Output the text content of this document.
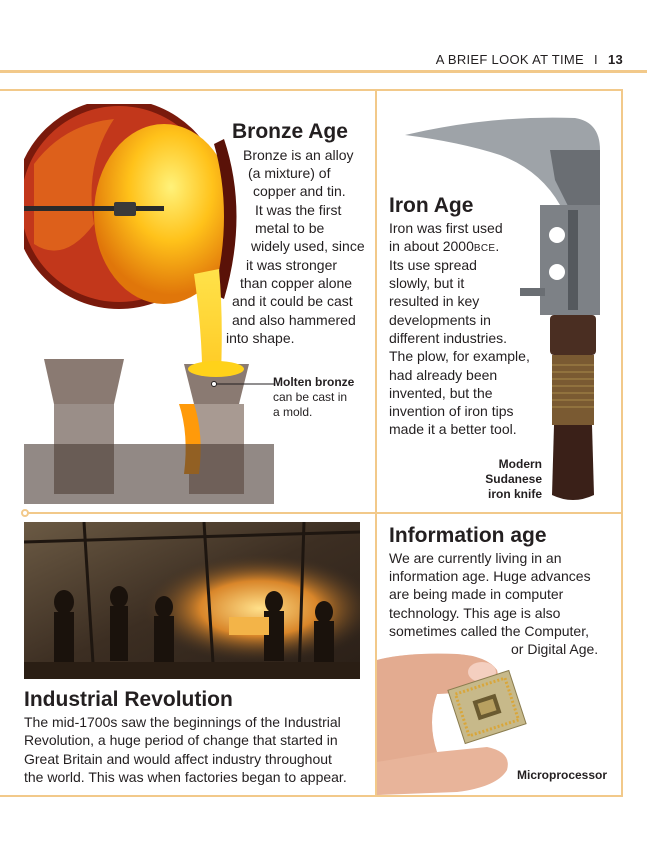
A BRIEF LOOK AT TIME I 13
Bronze Age
Bronze is an alloy
(a mixture) of
copper and tin.
It was the first
metal to be
widely used, since
it was stronger
than copper alone
and it could be cast
and also hammered
into shape.
Molten bronze
can be cast in
a mold.
Iron Age
Iron was first used
in about 2000BCE.
Its use spread
slowly, but it
resulted in key
developments in
different industries.
The plow, for example,
had already been
invented, but the
invention of iron tips
made it a better tool.
Modern
Sudanese
iron knife
Industrial Revolution
The mid-1700s saw the beginnings of the Industrial
Revolution, a huge period of change that started in
Great Britain and would affect industry throughout
the world. This was when factories began to appear.
Information age
We are currently living in an
information age. Huge advances
are being made in computer
technology. This age is also
sometimes called the Computer,
or Digital Age.
Microprocessor
